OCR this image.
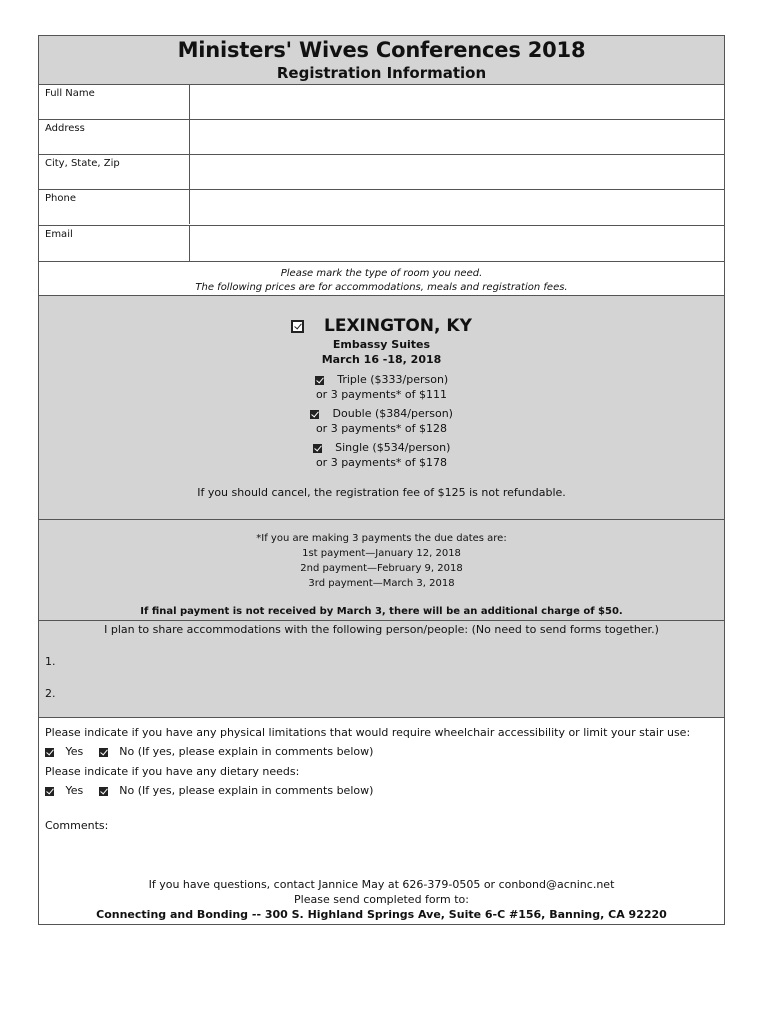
Ministers' Wives Conferences 2018
Registration Information
Full Name
Address
City, State, Zip
Phone
Email
Please mark the type of room you need.
The following prices are for accommodations, meals and registration fees.
LEXINGTON, KY
Embassy Suites
March 16 -18, 2018
Triple ($333/person)
or 3 payments* of $111
Double ($384/person)
or 3 payments* of $128
Single ($534/person)
or 3 payments* of $178
If you should cancel, the registration fee of $125 is not refundable.
*If you are making 3 payments the due dates are:
1st payment—January 12, 2018
2nd payment—February 9, 2018
3rd payment—March 3, 2018
If final payment is not received by March 3, there will be an additional charge of $50.
I plan to share accommodations with the following person/people: (No need to send forms together.)
1.
2.
Please indicate if you have any physical limitations that would require wheelchair accessibility or limit your stair use:
Yes	No (If yes, please explain in comments below)
Please indicate if you have any dietary needs:
Yes	No (If yes, please explain in comments below)
Comments:
If you have questions, contact Jannice May at 626-379-0505 or conbond@acninc.net
Please send completed form to:
Connecting and Bonding -- 300 S. Highland Springs Ave, Suite 6-C #156, Banning, CA 92220
